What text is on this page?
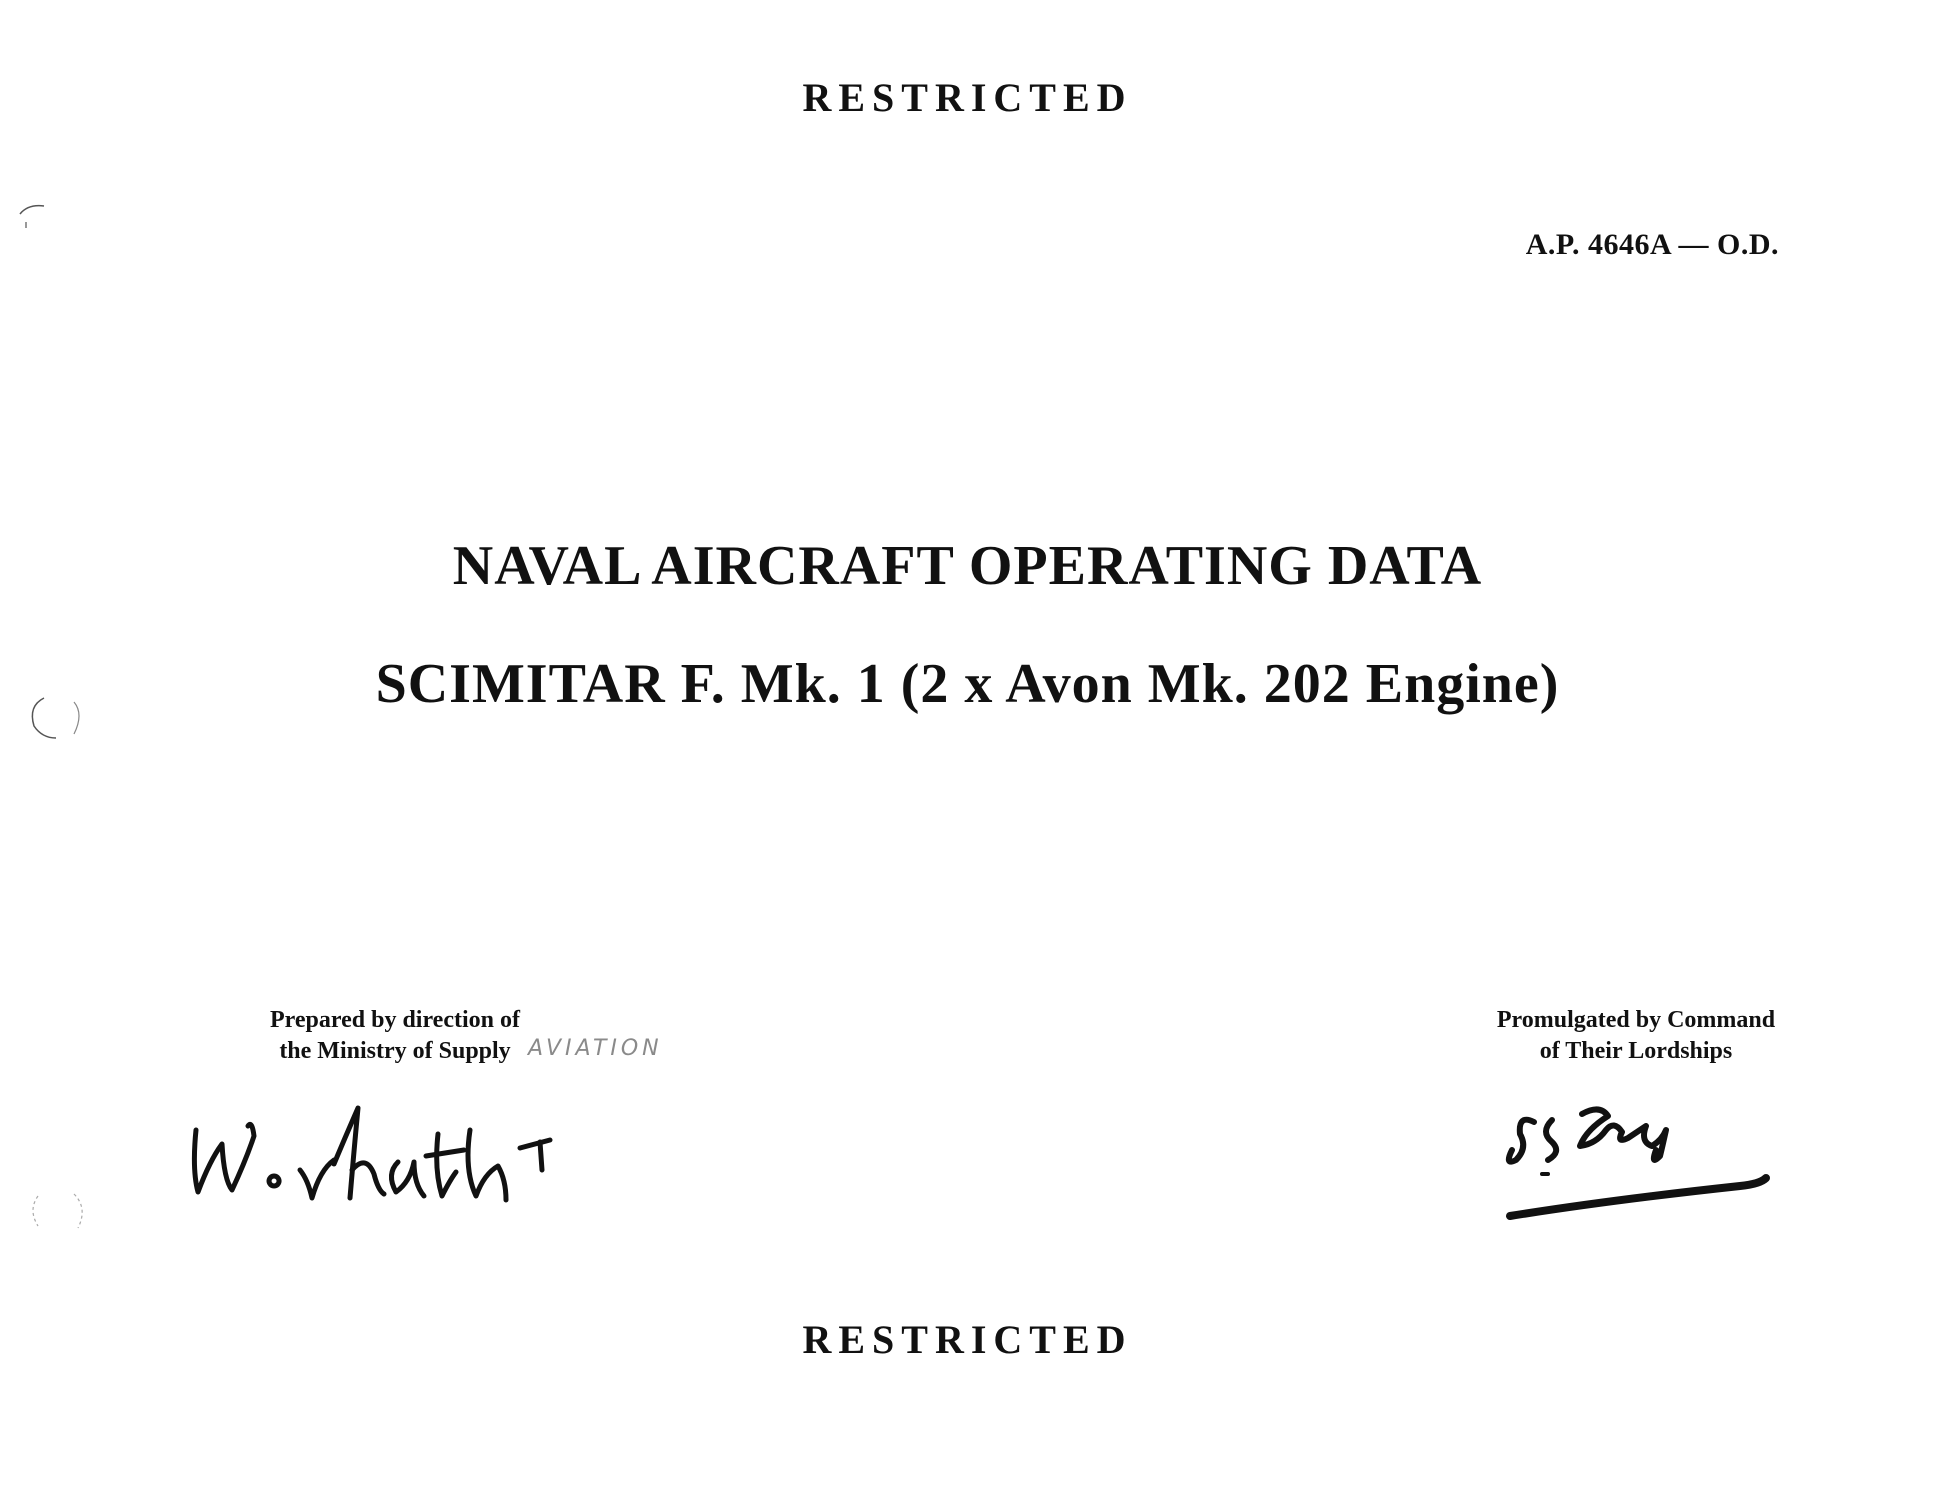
RESTRICTED
A.P. 4646A — O.D.
NAVAL AIRCRAFT OPERATING DATA
SCIMITAR F. Mk. 1 (2 x Avon Mk. 202 Engine)
Prepared by direction of
the Ministry of Supply AVIATION
Promulgated by Command
of Their Lordships
RESTRICTED
